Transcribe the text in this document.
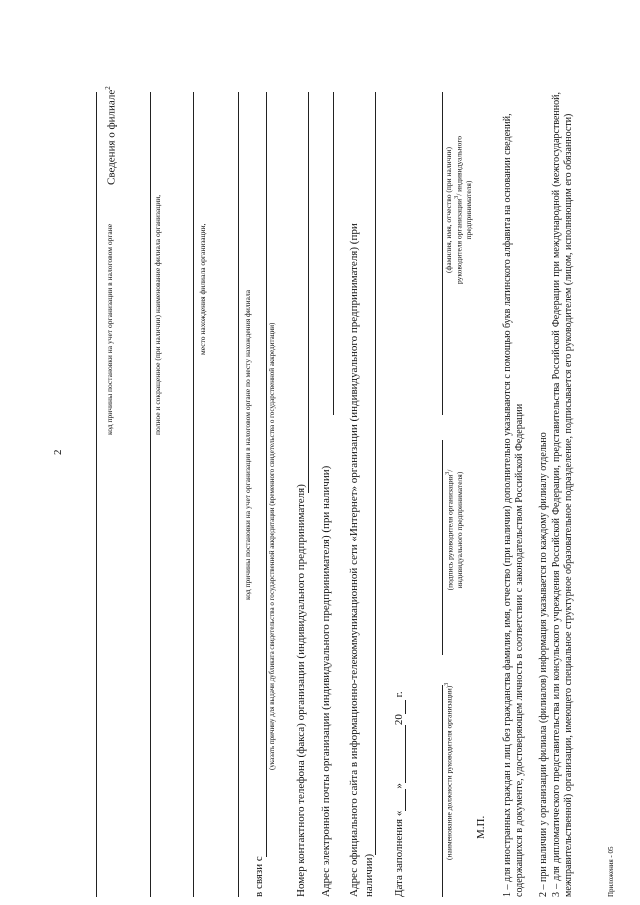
2
Сведения о филиале$^2$
код причины постановки на учет организации в налоговом органе	полное и сокращенное (при наличии) наименование филиала организации,	место нахождения филиала организации,
код причины постановки на учет организации в налоговом органе по месту нахождения филиала
в связи с
(указать причину для выдачи дубликата свидетельства о государственной аккредитации (временного свидетельства о государственной аккредитации) Номер контактного телефона (факса) организации (индивидуального предпринимателя) Адрес электронной почты организации (индивидуального предпринимателя) (при наличии) Адрес официального сайта в информационно-телекоммуникационной сети «Интернет» организации (индивидуального предпринимателя) (при наличии) Дата заполнения « » 20  г.	(наименование должности руководителя организации)$^3$
(подпись руководителя организации$^3$/
индивидуального предпринимателя)
(фамилия, имя, отчество (при наличии) руководителя организации$^3$/ индивидуального
предпринимателя)
М.П. 1 – для иностранных граждан и лиц без гражданства фамилия, имя, отчество (при наличии) дополнительно указываются с помощью букв латинского алфавита на основании сведений, содержащихся в документе, удостоверяющем личность в соответствии с законодательством Российской Федерации 2 – при наличии у организации филиала (филиалов) информация указывается по каждому филиалу отдельно 3 – для дипломатического представительства или консульского учреждения Российской Федерации, представительства Российской Федерации при международной (межгосударственной, межправительственной) организации, имеющего специальное структурное образовательное подразделение, подписывается его руководителем (лицом, исполняющим его обязанности)	Приложения - 05
